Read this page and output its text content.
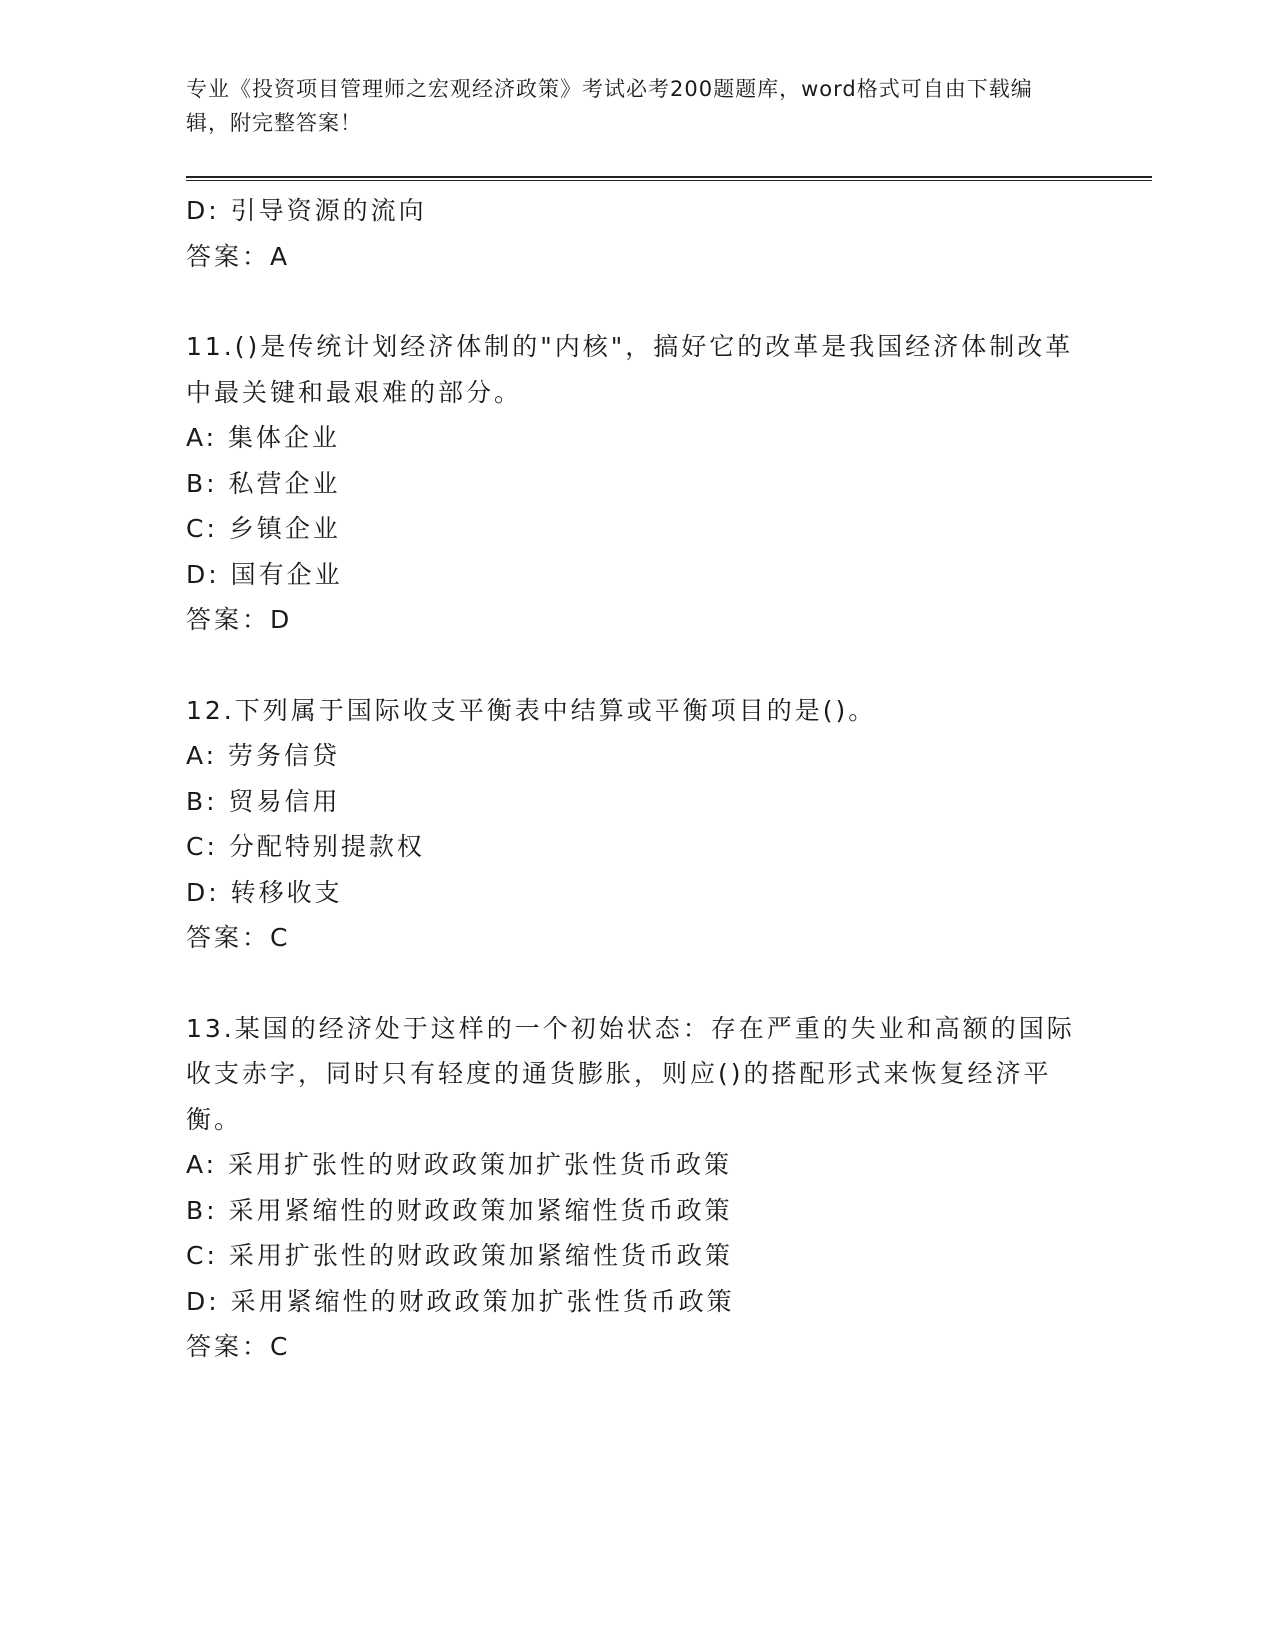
专业《投资项目管理师之宏观经济政策》考试必考200题题库，word格式可自由下载编辑，附完整答案！

D: 引导资源的流向

答案：A

11.()是传统计划经济体制的"内核"，搞好它的改革是我国经济体制改革中最关键和最艰难的部分。

A: 集体企业

B: 私营企业

C: 乡镇企业

D: 国有企业

答案：D

12.下列属于国际收支平衡表中结算或平衡项目的是()。

A: 劳务信贷

B: 贸易信用

C: 分配特别提款权

D: 转移收支

答案：C

13.某国的经济处于这样的一个初始状态：存在严重的失业和高额的国际收支赤字，同时只有轻度的通货膨胀，则应()的搭配形式来恢复经济平衡。

A: 采用扩张性的财政政策加扩张性货币政策

B: 采用紧缩性的财政政策加紧缩性货币政策

C: 采用扩张性的财政政策加紧缩性货币政策

D: 采用紧缩性的财政政策加扩张性货币政策

答案：C
